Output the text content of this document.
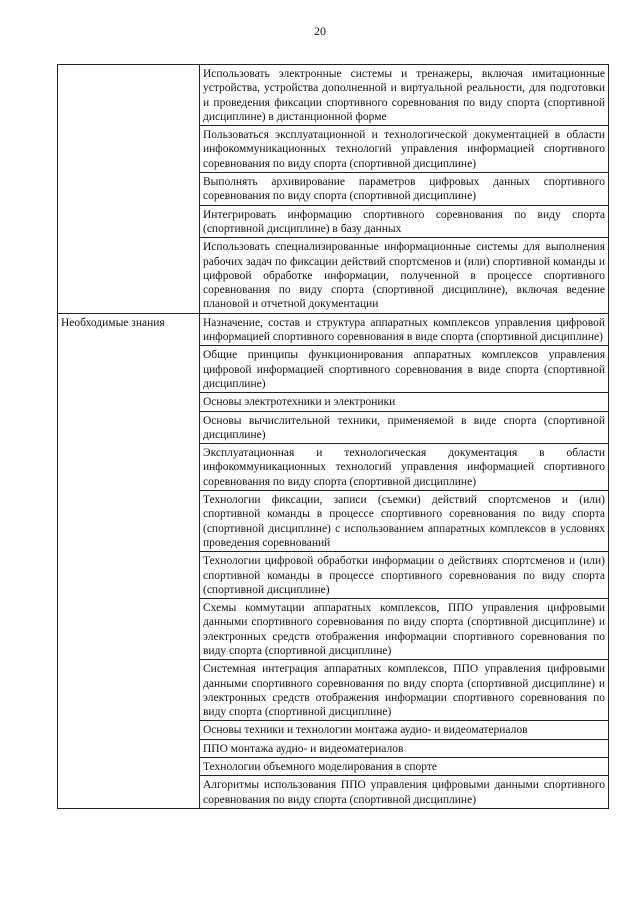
20
	Использовать электронные системы и тренажеры, включая имитационные устройства, устройства дополненной и виртуальной реальности, для подготовки и проведения фиксации спортивного соревнования по виду спорта (спортивной дисциплине) в дистанционной форме
	Пользоваться эксплуатационной и технологической документацией в области инфокоммуникационных технологий управления информацией спортивного соревнования по виду спорта (спортивной дисциплине)
	Выполнять архивирование параметров цифровых данных спортивного соревнования по виду спорта (спортивной дисциплине)
	Интегрировать информацию спортивного соревнования по виду спорта (спортивной дисциплине) в базу данных
	Использовать специализированные информационные системы для выполнения рабочих задач по фиксации действий спортсменов и (или) спортивной команды и цифровой обработке информации, полученной в процессе спортивного соревнования по виду спорта (спортивной дисциплине), включая ведение плановой и отчетной документации
Необходимые знания	Назначение, состав и структура аппаратных комплексов управления цифровой информацией спортивного соревнования в виде спорта (спортивной дисциплине)
	Общие принципы функционирования аппаратных комплексов управления цифровой информацией спортивного соревнования в виде спорта (спортивной дисциплине)
	Основы электротехники и электроники
	Основы вычислительной техники, применяемой в виде спорта (спортивной дисциплине)
	Эксплуатационная и технологическая документация в области инфокоммуникационных технологий управления информацией спортивного соревнования по виду спорта (спортивной дисциплине)
	Технологии фиксации, записи (съемки) действий спортсменов и (или) спортивной команды в процессе спортивного соревнования по виду спорта (спортивной дисциплине) с использованием аппаратных комплексов в условиях проведения соревнований
	Технологии цифровой обработки информации о действиях спортсменов и (или) спортивной команды в процессе спортивного соревнования по виду спорта (спортивной дисциплине)
	Схемы коммутации аппаратных комплексов, ППО управления цифровыми данными спортивного соревнования по виду спорта (спортивной дисциплине) и электронных средств отображения информации спортивного соревнования по виду спорта (спортивной дисциплине)
	Системная интеграция аппаратных комплексов, ППО управления цифровыми данными спортивного соревнования по виду спорта (спортивной дисциплине) и электронных средств отображения информации спортивного соревнования по виду спорта (спортивной дисциплине)
	Основы техники и технологии монтажа аудио- и видеоматериалов
	ППО монтажа аудио- и видеоматериалов
	Технологии объемного моделирования в спорте
	Алгоритмы использования ППО управления цифровыми данными спортивного соревнования по виду спорта (спортивной дисциплине)
